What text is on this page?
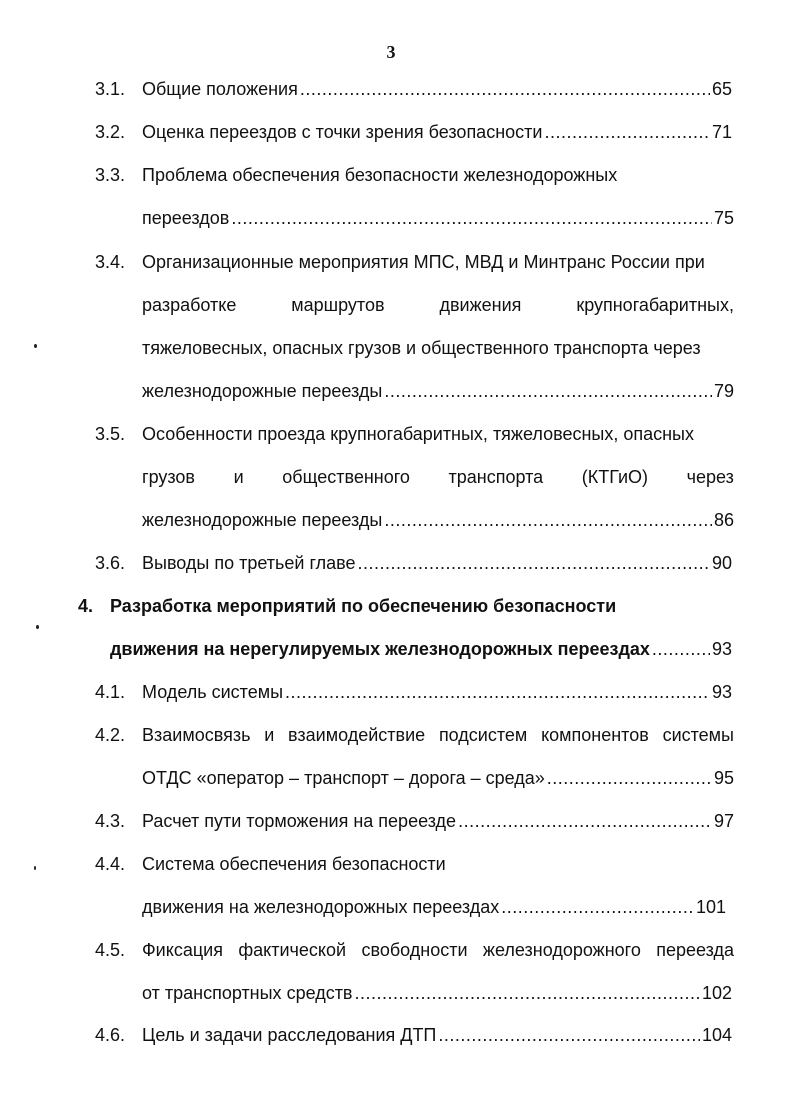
3
3.1. Общие положения .....	65
3.2. Оценка переездов с точки зрения безопасности .....	71
3.3. Проблема обеспечения безопасности железнодорожных
переездов .....	75
3.4. Организационные мероприятия МПС, МВД и Минтранс России при
разработке	маршрутов	движения	крупногабаритных,
тяжеловесных, опасных грузов и общественного транспорта через
железнодорожные переезды .....	79
3.5. Особенности проезда крупногабаритных, тяжеловесных, опасных
грузов и общественного транспорта (КТГиО) через
железнодорожные переезды .....	86
3.6. Выводы по третьей главе .....	90
4. Разработка мероприятий по обеспечению безопасности
движения на нерегулируемых железнодорожных переездах .....	93
4.1. Модель системы .....	93
4.2. Взаимосвязь и взаимодействие подсистем компонентов системы
ОТДС «оператор – транспорт – дорога – среда» .....	95
4.3. Расчет пути торможения на переезде .....	97
4.4. Система обеспечения безопасности
движения на железнодорожных переездах .....	101
4.5. Фиксация фактической свободности железнодорожного переезда
от транспортных средств .....	102
4.6. Цель и задачи расследования ДТП .....	104
